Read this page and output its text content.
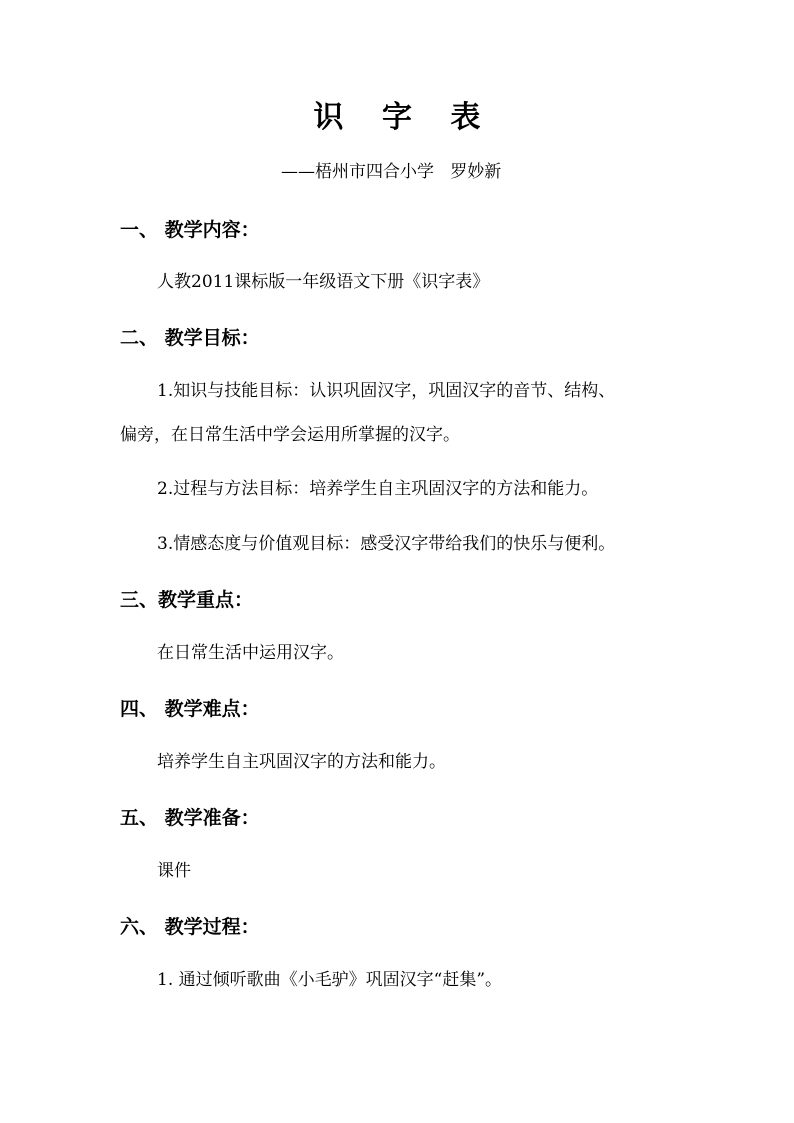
识 字 表
——梧州市四合小学   罗妙新
一、 教学内容：
人教2011课标版一年级语文下册《识字表》
二、 教学目标：
1.知识与技能目标：认识巩固汉字，巩固汉字的音节、结构、
偏旁，在日常生活中学会运用所掌握的汉字。
2.过程与方法目标：培养学生自主巩固汉字的方法和能力。
3.情感态度与价值观目标：感受汉字带给我们的快乐与便利。
三、教学重点：
在日常生活中运用汉字。
四、 教学难点：
培养学生自主巩固汉字的方法和能力。
五、 教学准备：
课件
六、 教学过程：
1. 通过倾听歌曲《小毛驴》巩固汉字“赶集”。
